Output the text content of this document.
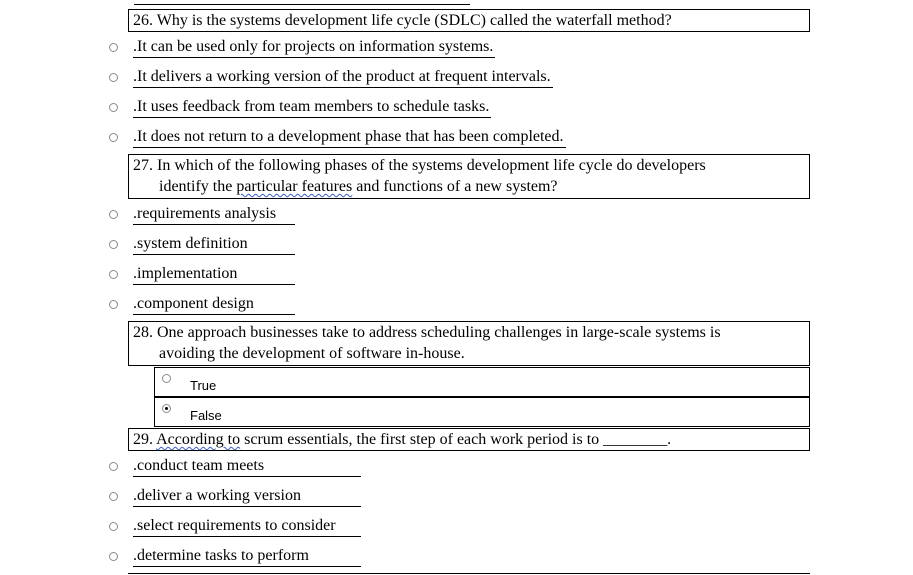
26. Why is the systems development life cycle (SDLC) called the waterfall method?
.It can be used only for projects on information systems.
.It delivers a working version of the product at frequent intervals.
.It uses feedback from team members to schedule tasks.
.It does not return to a development phase that has been completed.
27. In which of the following phases of the systems development life cycle do developers
identify the particular features and functions of a new system?
.requirements analysis
.system definition
.implementation
.component design
28. One approach businesses take to address scheduling challenges in large-scale systems is
avoiding the development of software in-house.
True
False
29. According to scrum essentials, the first step of each work period is to ________.
.conduct team meets
.deliver a working version
.select requirements to consider
.determine tasks to perform
